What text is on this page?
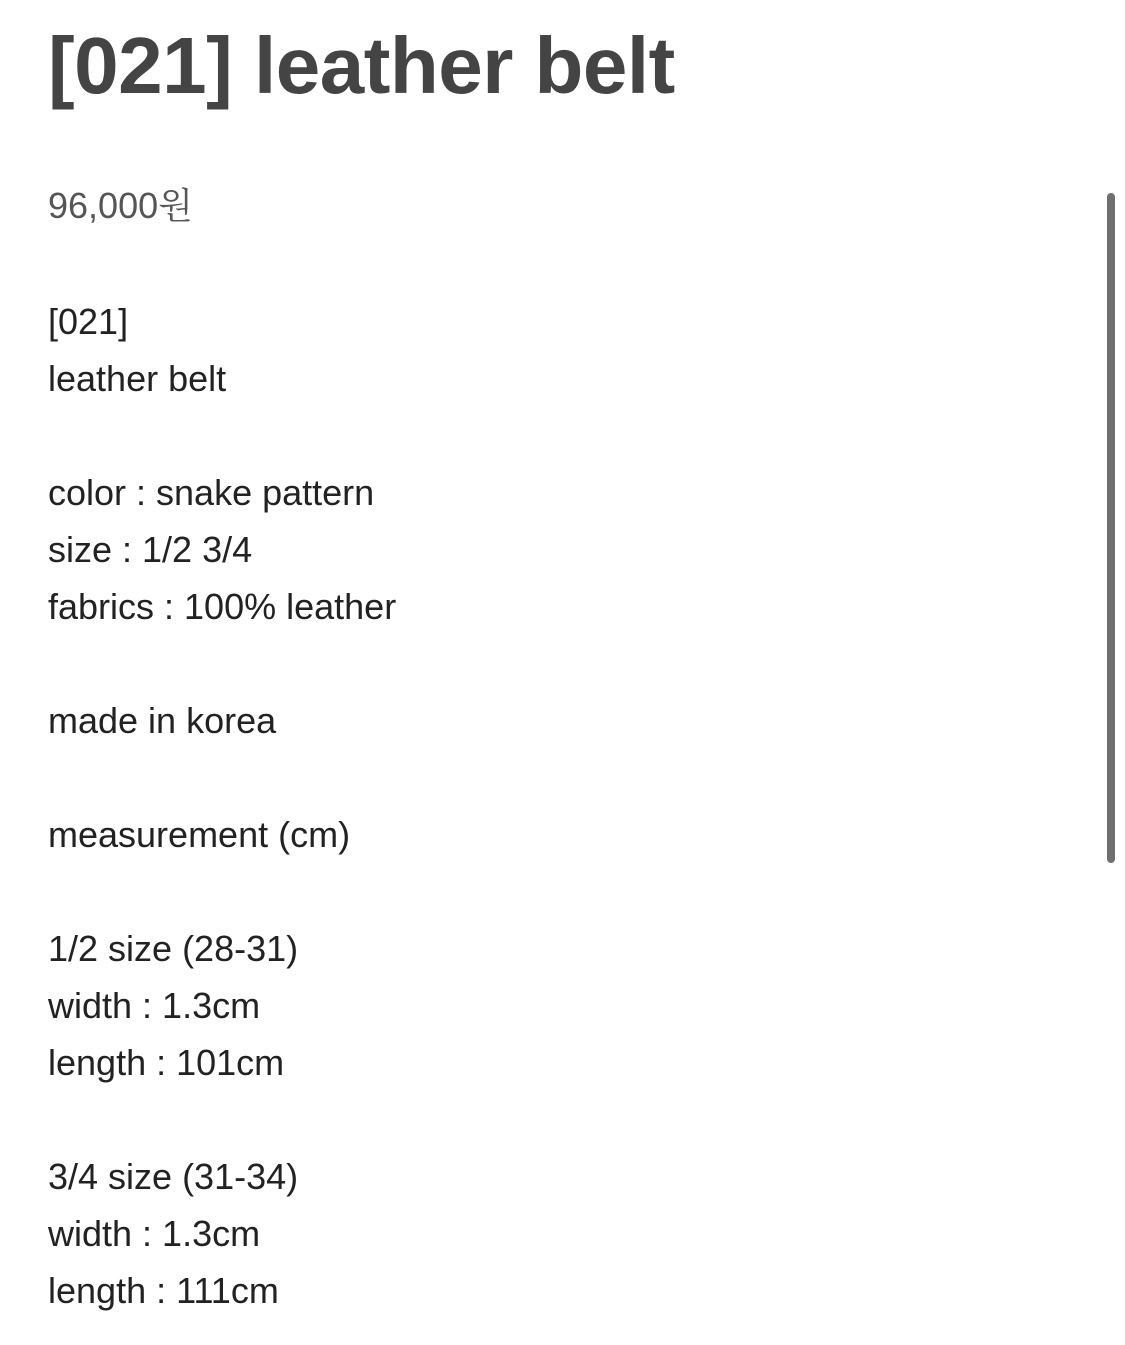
[021] leather belt
96,000원
[021]
leather belt
color : snake pattern
size : 1/2 3/4
fabrics : 100% leather
made in korea
measurement (cm)
1/2 size (28-31)
width : 1.3cm
length : 101cm
3/4 size (31-34)
width : 1.3cm
length : 111cm
